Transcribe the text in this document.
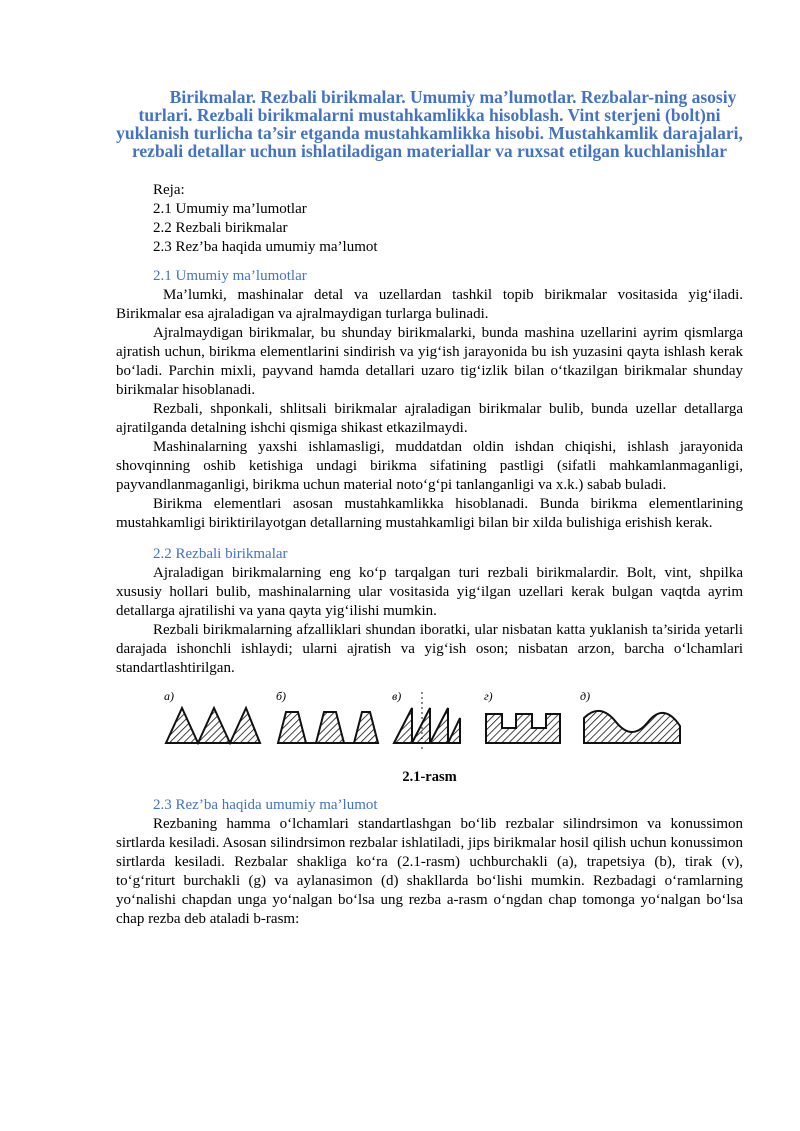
Birikmalar. Rezbali birikmalar. Umumiy ma’lumotlar. Rezbalar-ning asosiy turlari. Rezbali birikmalarni mustahkamlikka hisoblash. Vint sterjeni (bolt)ni yuklanish turlicha ta’sir etganda mustahkamlikka hisobi. Mustahkamlik darajalari, rezbali detallar uchun ishlatiladigan materiallar va ruxsat etilgan kuchlanishlar
Reja:
2.1 Umumiy ma’lumotlar
2.2 Rezbali birikmalar
2.3 Rez’ba haqida umumiy ma’lumot
2.1 Umumiy ma’lumotlar

Ma’lumki, mashinalar detal va uzellardan tashkil topib birikmalar vositasida yig‘iladi. Birikmalar esa ajraladigan va ajralmaydigan turlarga bulinadi.

Ajralmaydigan birikmalar, bu shunday birikmalarki, bunda mashina uzellarini ayrim qismlarga ajratish uchun, birikma elementlarini sindirish va yig‘ish jarayonida bu ish yuzasini qayta ishlash kerak bo‘ladi. Parchin mixli, payvand hamda detallari uzaro tig‘izlik bilan o‘tkazilgan birikmalar shunday birikmalar hisoblanadi.

Rezbali, shponkali, shlitsali birikmalar ajraladigan birikmalar bulib, bunda uzellar detallarga ajratilganda detalning ishchi qismiga shikast etkazilmaydi.

Mashinalarning yaxshi ishlamasligi, muddatdan oldin ishdan chiqishi, ishlash jarayonida shovqinning oshib ketishiga undagi birikma sifatining pastligi (sifatli mahkamlanmaganligi, payvandlanmaganligi, birikma uchun material noto‘g‘pi tanlanganligi va x.k.) sabab buladi.

Birikma elementlari asosan mustahkamlikka hisoblanadi. Bunda birikma elementlarining mustahkamligi biriktirilayotgan detallarning mustahkamligi bilan bir xilda bulishiga erishish kerak.

2.2 Rezbali birikmalar

Ajraladigan birikmalarning eng ko‘p tarqalgan turi rezbali birikmalardir. Bolt, vint, shpilka xususiy hollari bulib, mashinalarning ular vositasida yig‘ilgan uzellari kerak bulgan vaqtda ayrim detallarga ajratilishi va yana qayta yig‘ilishi mumkin.

Rezbali birikmalarning afzalliklari shundan iboratki, ular nisbatan katta yuklanish ta’sirida yetarli darajada ishonchli ishlaydi; ularni ajratish va yig‘ish oson; nisbatan arzon, barcha o‘lchamlari standartlashtirilgan.

a)	б)	в)	г)	д)
2.1-rasm
2.3 Rez’ba haqida umumiy ma’lumot

Rezbaning hamma o‘lchamlari standartlashgan bo‘lib rezbalar silindrsimon va konussimon sirtlarda kesiladi. Asosan silindrsimon rezbalar ishlatiladi, jips birikmalar hosil qilish uchun konussimon sirtlarda kesiladi. Rezbalar shakliga ko‘ra (2.1-rasm) uchburchakli (a), trapetsiya (b), tirak (v), to‘g‘riturt burchakli (g) va aylanasimon (d) shakllarda bo‘lishi mumkin. Rezbadagi o‘ramlarning yo‘nalishi chapdan unga yo‘nalgan bo‘lsa ung rezba a-rasm o‘ngdan chap tomonga yo‘nalgan bo‘lsa chap rezba deb ataladi b-rasm:
